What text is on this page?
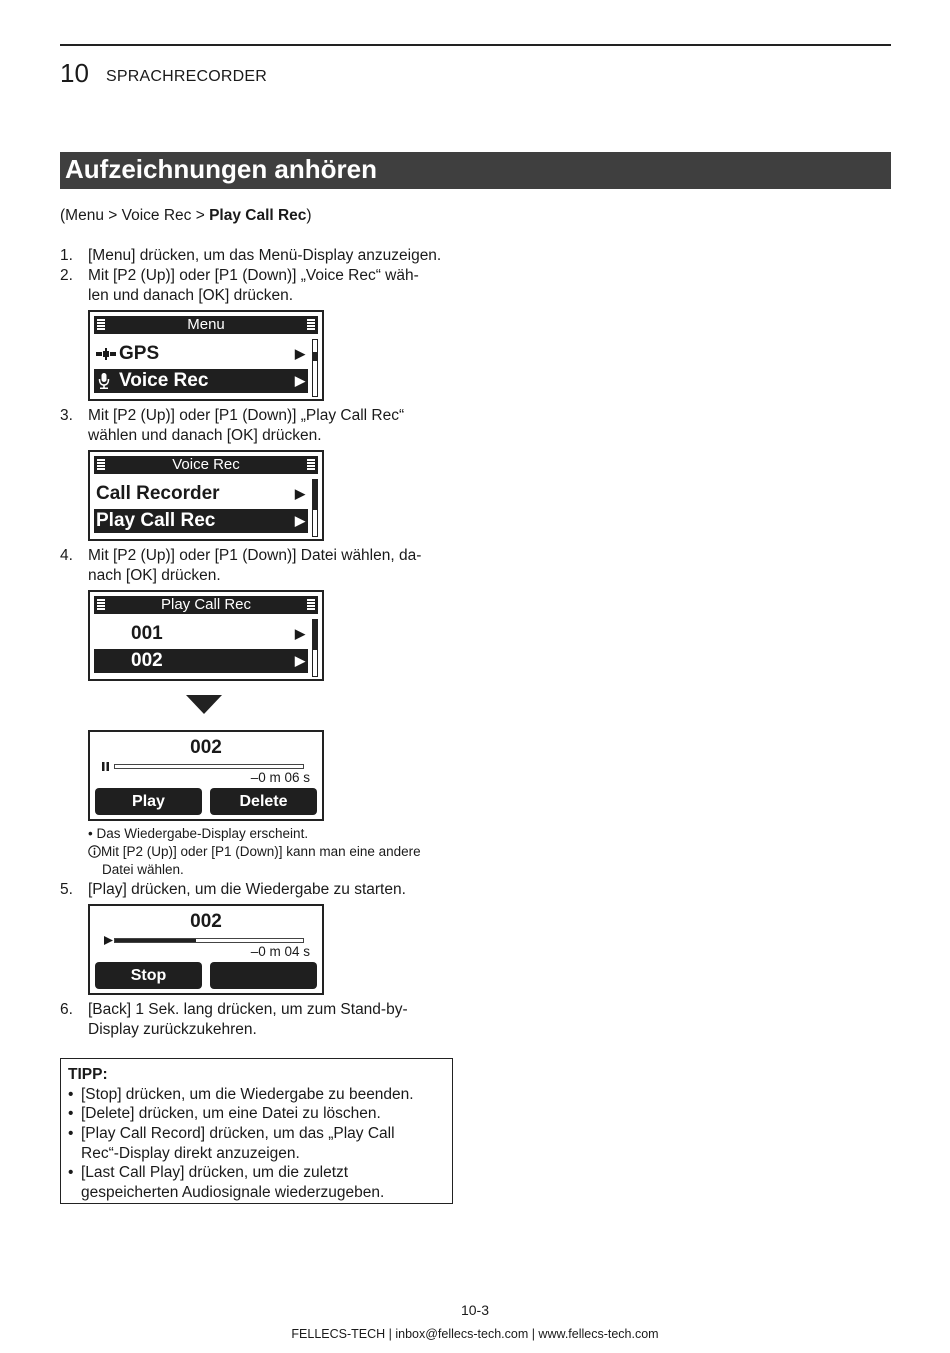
10 SPRACHRECORDER
Aufzeichnungen anhören
(Menu > Voice Rec > Play Call Rec)
1. [Menu] drücken, um das Menü-Display anzuzeigen.
2. Mit [P2 (Up)] oder [P1 (Down)] „Voice Rec“ wäh-
len und danach [OK] drücken.
Menu
GPS	▶
Voice Rec	▶
3. Mit [P2 (Up)] oder [P1 (Down)] „Play Call Rec“
wählen und danach [OK] drücken.
Voice Rec
Call Recorder	▶
Play Call Rec	▶
4. Mit [P2 (Up)] oder [P1 (Down)] Datei wählen, da-
nach [OK] drücken.
Play Call Rec
001	▶
002	▶
002
–0 m 06 s
Play	Delete
• Das Wiedergabe-Display erscheint.
Mit [P2 (Up)] oder [P1 (Down)] kann man eine andere
Datei wählen.
5. [Play] drücken, um die Wiedergabe zu starten.
002
–0 m 04 s
Stop
6. [Back] 1 Sek. lang drücken, um zum Stand-by-
Display zurückzukehren.
TIPP:
• [Stop] drücken, um die Wiedergabe zu beenden.
• [Delete] drücken, um eine Datei zu löschen.
• [Play Call Record] drücken, um das „Play Call
Rec“-Display direkt anzuzeigen.
• [Last Call Play] drücken, um die zuletzt
gespeicherten Audiosignale wiederzugeben.
10-3
FELLECS-TECH | inbox@fellecs-tech.com | www.fellecs-tech.com
